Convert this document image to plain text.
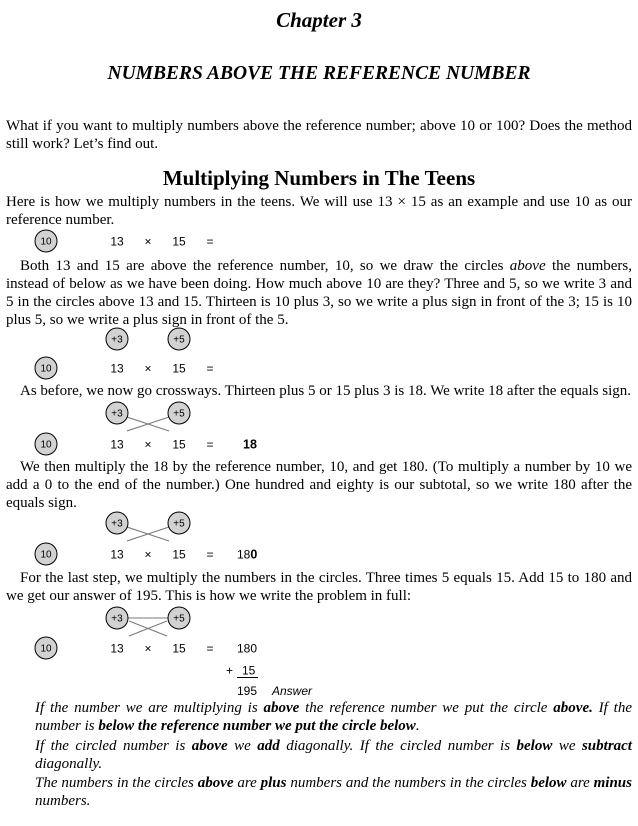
Chapter 3
NUMBERS ABOVE THE REFERENCE NUMBER
What if you want to multiply numbers above the reference number; above 10 or 100? Does the method still work? Let’s find out.
Multiplying Numbers in The Teens
Here is how we multiply numbers in the teens. We will use 13 × 15 as an example and use 10 as our reference number.
10	13 × 15 =
Both 13 and 15 are above the reference number, 10, so we draw the circles above the numbers, instead of below as we have been doing. How much above 10 are they? Three and 5, so we write 3 and 5 in the circles above 13 and 15. Thirteen is 10 plus 3, so we write a plus sign in front of the 3; 15 is 10 plus 5, so we write a plus sign in front of the 5.
+3	+5
10	13 × 15 =
As before, we now go crossways. Thirteen plus 5 or 15 plus 3 is 18. We write 18 after the equals sign.
+3	+5
10	13 × 15 = 18
We then multiply the 18 by the reference number, 10, and get 180. (To multiply a number by 10 we add a 0 to the end of the number.) One hundred and eighty is our subtotal, so we write 180 after the equals sign.
+3	+5
10	13 × 15 = 180
For the last step, we multiply the numbers in the circles. Three times 5 equals 15. Add 15 to 180 and we get our answer of 195. This is how we write the problem in full:
+3	+5
10	13 × 15 = 180
+ 15
195 Answer
If the number we are multiplying is above the reference number we put the circle above. If the number is below the reference number we put the circle below.
If the circled number is above we add diagonally. If the circled number is below we subtract diagonally.
The numbers in the circles above are plus numbers and the numbers in the circles below are minus numbers.
